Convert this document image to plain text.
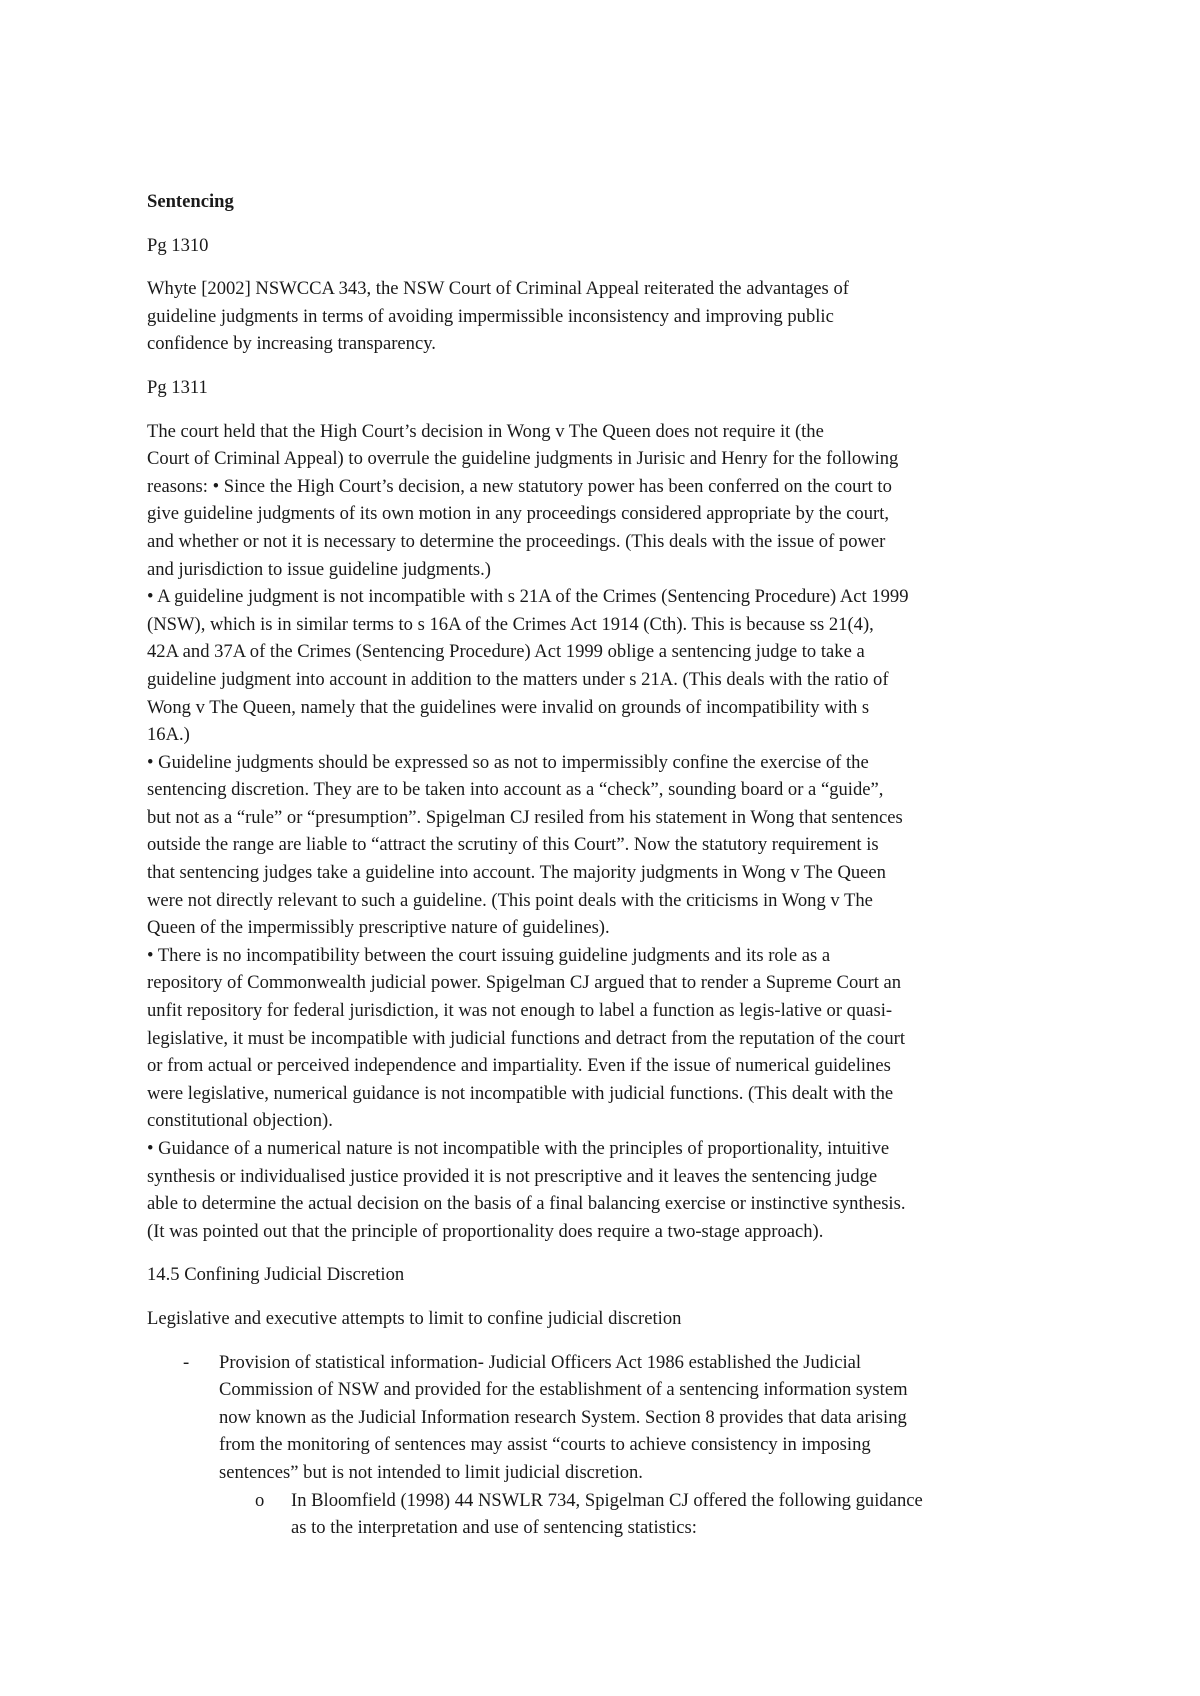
Sentencing
Pg 1310
Whyte [2002] NSWCCA 343, the NSW Court of Criminal Appeal reiterated the advantages of
guideline judgments in terms of avoiding impermissible inconsistency and improving public
confidence by increasing transparency.
Pg 1311
The court held that the High Court’s decision in Wong v The Queen does not require it (the
Court of Criminal Appeal) to overrule the guideline judgments in Jurisic and Henry for the following
reasons: • Since the High Court’s decision, a new statutory power has been conferred on the court to
give guideline judgments of its own motion in any proceedings considered appropriate by the court,
and whether or not it is necessary to determine the proceedings. (This deals with the issue of power
and jurisdiction to issue guideline judgments.)
• A guideline judgment is not incompatible with s 21A of the Crimes (Sentencing Procedure) Act 1999
(NSW), which is in similar terms to s 16A of the Crimes Act 1914 (Cth). This is because ss 21(4),
42A and 37A of the Crimes (Sentencing Procedure) Act 1999 oblige a sentencing judge to take a
guideline judgment into account in addition to the matters under s 21A. (This deals with the ratio of
Wong v The Queen, namely that the guidelines were invalid on grounds of incompatibility with s
16A.)
• Guideline judgments should be expressed so as not to impermissibly confine the exercise of the
sentencing discretion. They are to be taken into account as a “check”, sounding board or a “guide”,
but not as a “rule” or “presumption”. Spigelman CJ resiled from his statement in Wong that sentences
outside the range are liable to “attract the scrutiny of this Court”. Now the statutory requirement is
that sentencing judges take a guideline into account. The majority judgments in Wong v The Queen
were not directly relevant to such a guideline. (This point deals with the criticisms in Wong v The
Queen of the impermissibly prescriptive nature of guidelines).
• There is no incompatibility between the court issuing guideline judgments and its role as a
repository of Commonwealth judicial power. Spigelman CJ argued that to render a Supreme Court an
unfit repository for federal jurisdiction, it was not enough to label a function as legis-lative or quasi-
legislative, it must be incompatible with judicial functions and detract from the reputation of the court
or from actual or perceived independence and impartiality. Even if the issue of numerical guidelines
were legislative, numerical guidance is not incompatible with judicial functions. (This dealt with the
constitutional objection).
• Guidance of a numerical nature is not incompatible with the principles of proportionality, intuitive
synthesis or individualised justice provided it is not prescriptive and it leaves the sentencing judge
able to determine the actual decision on the basis of a final balancing exercise or instinctive synthesis.
(It was pointed out that the principle of proportionality does require a two-stage approach).
14.5 Confining Judicial Discretion
Legislative and executive attempts to limit to confine judicial discretion
- Provision of statistical information- Judicial Officers Act 1986 established the Judicial
Commission of NSW and provided for the establishment of a sentencing information system
now known as the Judicial Information research System. Section 8 provides that data arising
from the monitoring of sentences may assist “courts to achieve consistency in imposing
sentences” but is not intended to limit judicial discretion.
o In Bloomfield (1998) 44 NSWLR 734, Spigelman CJ offered the following guidance
as to the interpretation and use of sentencing statistics:
